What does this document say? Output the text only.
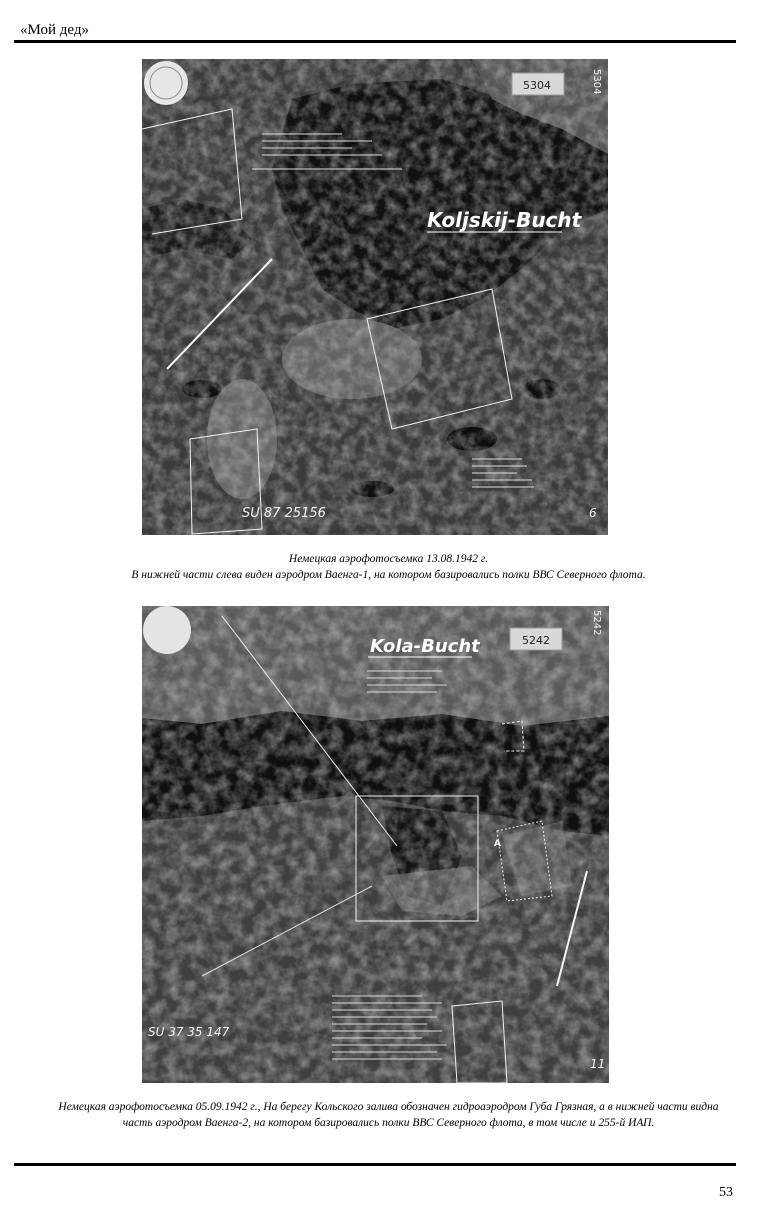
«Мой дед»
5304	5304
Koljskij-Bucht
SU 87 25156	6
Немецкая аэрофотосъемка 13.08.1942 г.
В нижней части слева виден аэродром Ваенга-1, на котором базировались полки ВВС Северного флота.
Kola-Bucht	5242
5242
A
SU 37 35 147
11
Немецкая аэрофотосъемка 05.09.1942 г., На берегу Кольского залива обозначен гидроаэродром Губа Грязная, а в нижней части видна
часть аэродром Ваенга-2, на котором базировались полки ВВС Северного флота, в том числе и 255-й ИАП.
53
